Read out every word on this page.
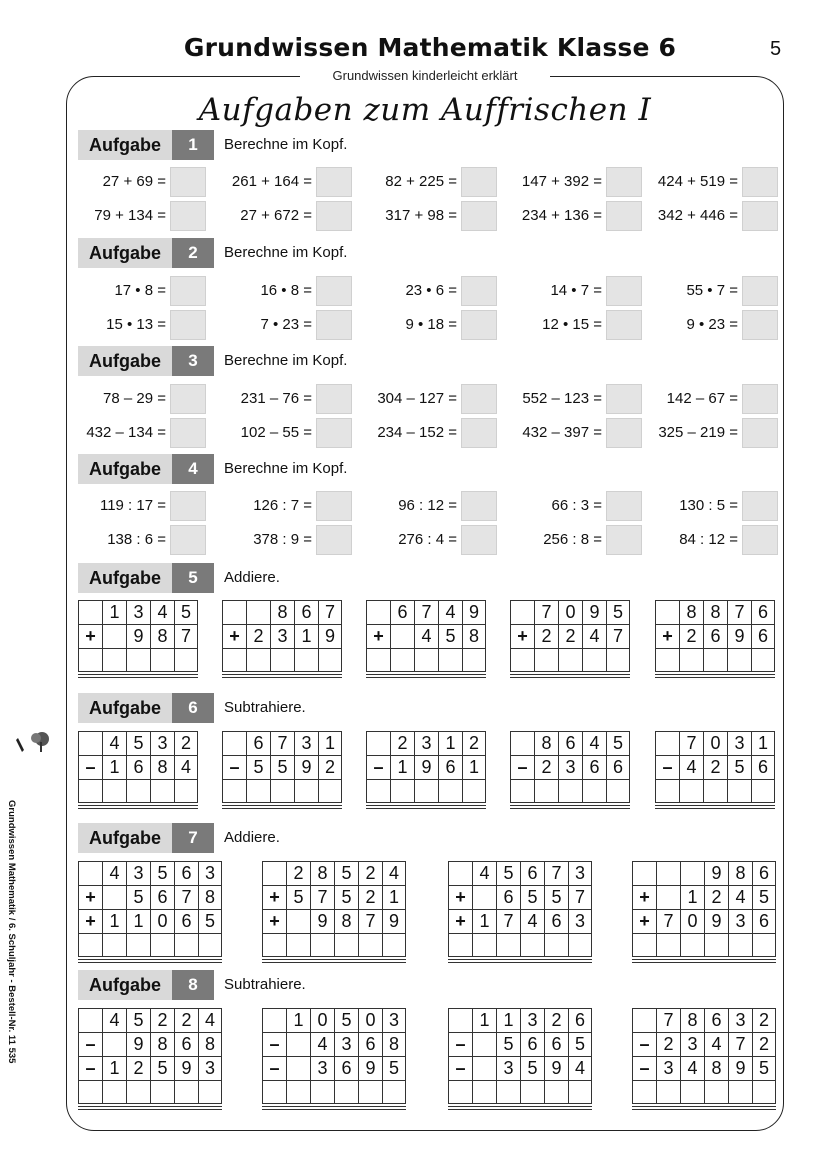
Grundwissen Mathematik Klasse 6	5
Grundwissen kinderleicht erklärt
Aufgaben zum Auffrischen I
Grundwissen Mathematik / 6. Schuljahr - Bestell-Nr. 11 535
Aufgabe	1	Berechne im Kopf.
27 + 69 =	261 + 164 =	82 + 225 =	147 + 392 =	424 + 519 =
79 + 134 =	27 + 672 =	317 + 98 =	234 + 136 =	342 + 446 =
Aufgabe	2	Berechne im Kopf.
17 • 8 =	16 • 8 =	23 • 6 =	14 • 7 =	55 • 7 =
15 • 13 =	7 • 23 =	9 • 18 =	12 • 15 =	9 • 23 =
Aufgabe	3	Berechne im Kopf.
78 – 29 =	231 – 76 =	304 – 127 =	552 – 123 =	142 – 67 =
432 – 134 =	102 – 55 =	234 – 152 =	432 – 397 =	325 – 219 =
Aufgabe	4	Berechne im Kopf.
119 : 17 =	126 : 7 =	96 : 12 =	66 : 3 =	130 : 5 =
138 : 6 =	378 : 9 =	276 : 4 =	256 : 8 =	84 : 12 =
Aufgabe	5	Addiere.
1 3 4 5
+	9 8 7
8 6 7
+ 2 3 1 9
6 7 4 9
+	4 5 8
7 0 9 5
+ 2 2 4 7
8 8 7 6
+ 2 6 9 6
Aufgabe	6	Subtrahiere.
4 5 3 2
– 1 6 8 4
6 7 3 1
– 5 5 9 2
2 3 1 2
– 1 9 6 1
8 6 4 5
– 2 3 6 6
7 0 3 1
– 4 2 5 6
Aufgabe	7	Addiere.
4 3 5 6 3
+	5 6 7 8
+ 1 1 0 6 5
2 8 5 2 4
+ 5 7 5 2 1
+	9 8 7 9
4 5 6 7 3
+	6 5 5 7
+ 1 7 4 6 3
9 8 6
+	1 2 4 5
+ 7 0 9 3 6
Aufgabe	8	Subtrahiere.
4 5 2 2 4
–	9 8 6 8
– 1 2 5 9 3
1 0 5 0 3
–	4 3 6 8
–	3 6 9 5
1 1 3 2 6
–	5 6 6 5
–	3 5 9 4
7 8 6 3 2
– 2 3 4 7 2
– 3 4 8 9 5
